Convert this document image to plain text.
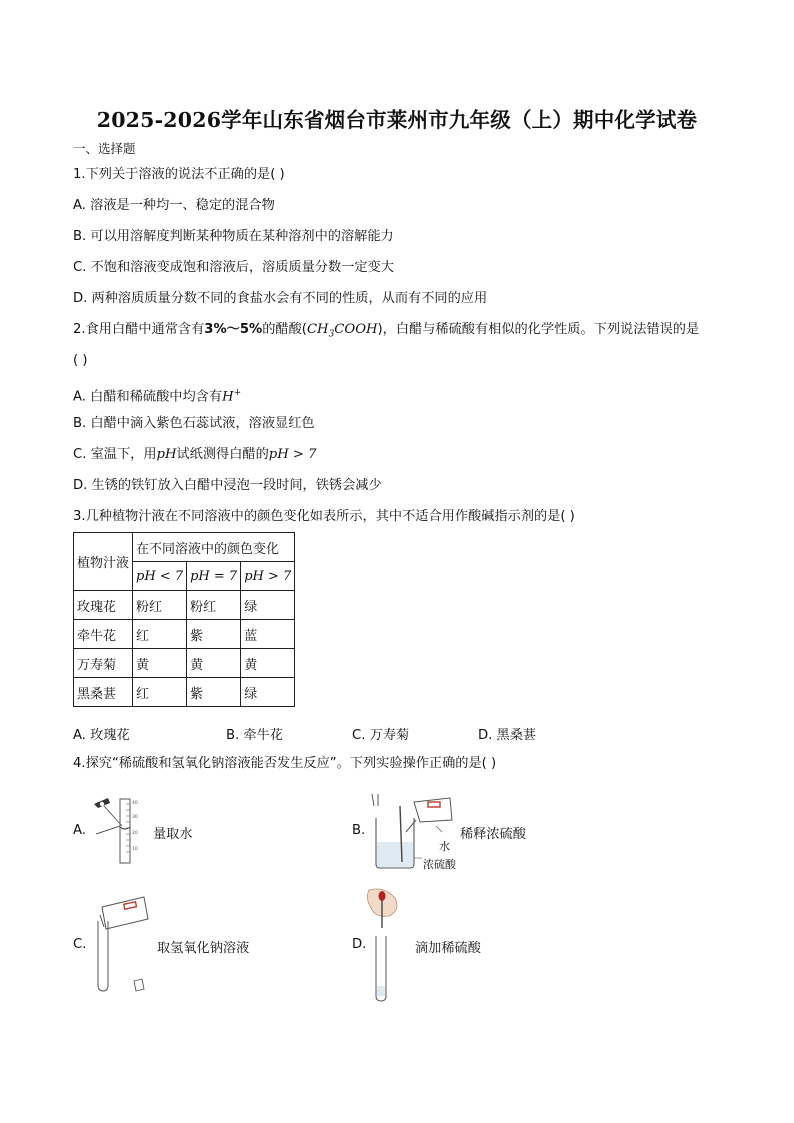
2025-2026学年山东省烟台市莱州市九年级（上）期中化学试卷
一、选择题
1.下列关于溶液的说法不正确的是( )
A. 溶液是一种均一、稳定的混合物
B. 可以用溶解度判断某种物质在某种溶剂中的溶解能力
C. 不饱和溶液变成饱和溶液后，溶质质量分数一定变大
D. 两种溶质质量分数不同的食盐水会有不同的性质，从而有不同的应用
2.食用白醋中通常含有3%～5%的醋酸$(CH_3COOH)$，白醋与稀硫酸有相似的化学性质。下列说法错误的是
( )
A. 白醋和稀硫酸中均含有H+
B. 白醋中滴入紫色石蕊试液，溶液显红色
C. 室温下，用pH试纸测得白醋的pH > 7
D. 生锈的铁钉放入白醋中浸泡一段时间，铁锈会减少
3.几种植物汁液在不同溶液中的颜色变化如表所示，其中不适合用作酸碱指示剂的是( )
植物汁液	在不同溶液中的颜色变化		
	pH < 7	pH = 7	pH > 7
玫瑰花	粉红	粉红	绿
牵牛花	红	紫	蓝
万寿菊	黄	黄	黄
黑桑葚	红	紫	绿
A. 玫瑰花	B. 牵牛花	C. 万寿菊	D. 黑桑葚
4.探究“稀硫酸和氢氧化钠溶液能否发生反应”。下列实验操作正确的是( )
A.
40
30
20
10
量取水	B.	稀释浓硫酸
水
浓硫酸
C.	取氢氧化钠溶液	D.	滴加稀硫酸
